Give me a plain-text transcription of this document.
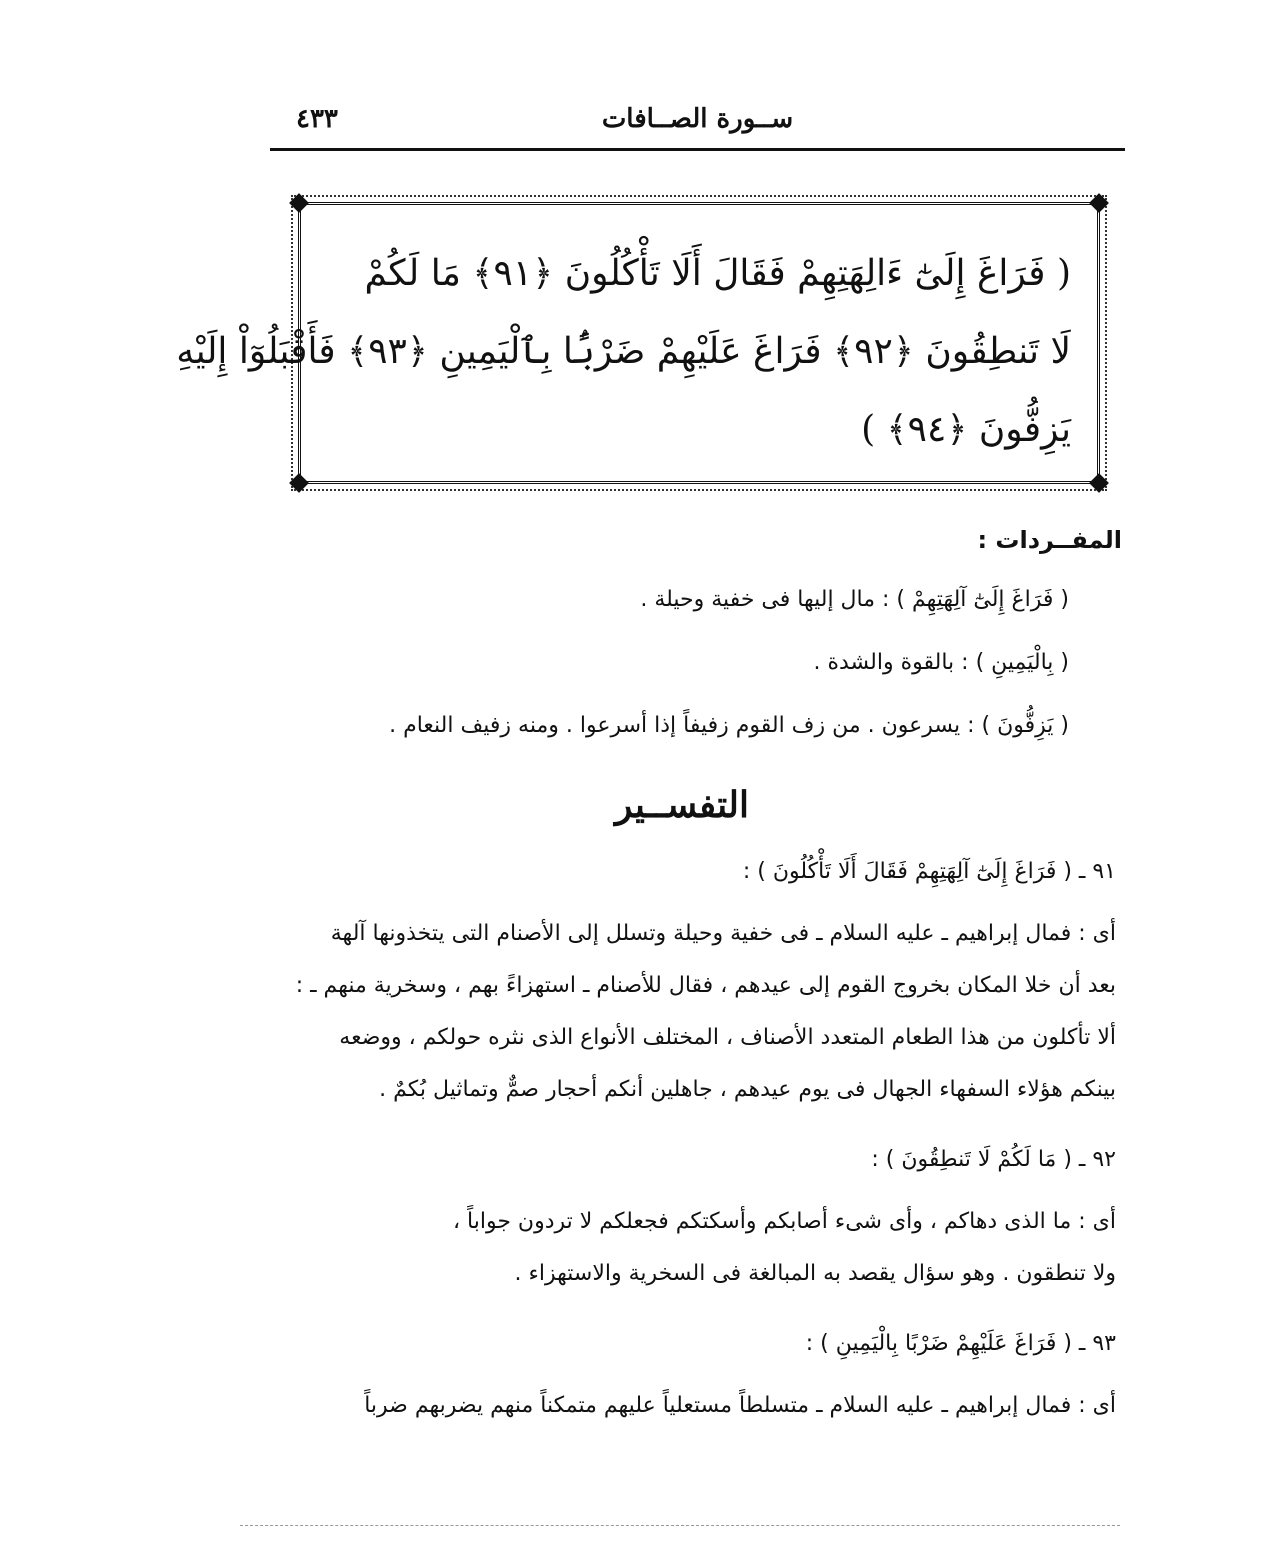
ســورة الصــافات
٤٣٣
( فَرَاغَ إِلَىٰٓ ءَالِهَتِهِمْ فَقَالَ أَلَا تَأْكُلُونَ ﴿٩١﴾ مَا لَكُمْ
لَا تَنطِقُونَ ﴿٩٢﴾ فَرَاغَ عَلَيْهِمْ ضَرْبًۢا بِٱلْيَمِينِ ﴿٩٣﴾ فَأَقْبَلُوٓاْ إِلَيْهِ
يَزِفُّونَ ﴿٩٤﴾ )
المفــردات :
( فَرَاغَ إِلَىٰٓ آلِهَتِهِمْ ) : مال إليها فى خفية وحيلة .
( بِالْيَمِينِ ) : بالقوة والشدة .
( يَزِفُّونَ ) : يسرعون . من زف القوم زفيفاً إذا أسرعوا . ومنه زفيف النعام .
التفســير
٩١ ـ ( فَرَاغَ إِلَىٰٓ آلِهَتِهِمْ فَقَالَ أَلَا تَأْكُلُونَ ) :

أى : فمال إبراهيم ـ عليه السلام ـ فى خفية وحيلة وتسلل إلى الأصنام التى يتخذونها آلهة
بعد أن خلا المكان بخروج القوم إلى عيدهم ، فقال للأصنام ـ استهزاءً بهم ، وسخرية منهم ـ :
ألا تأكلون من هذا الطعام المتعدد الأصناف ، المختلف الأنواع الذى نثره حولكم ، ووضعه
بينكم هؤلاء السفهاء الجهال فى يوم عيدهم ، جاهلين أنكم أحجار صمٌّ وتماثيل بُكمٌ .

٩٢ ـ ( مَا لَكُمْ لَا تَنطِقُونَ ) :

أى : ما الذى دهاكم ، وأى شىء أصابكم وأسكتكم فجعلكم لا تردون جواباً ،
ولا تنطقون . وهو سؤال يقصد به المبالغة فى السخرية والاستهزاء .

٩٣ ـ ( فَرَاغَ عَلَيْهِمْ ضَرْبًا بِالْيَمِينِ ) :

أى : فمال إبراهيم ـ عليه السلام ـ متسلطاً مستعلياً عليهم متمكناً منهم يضربهم ضرباً
